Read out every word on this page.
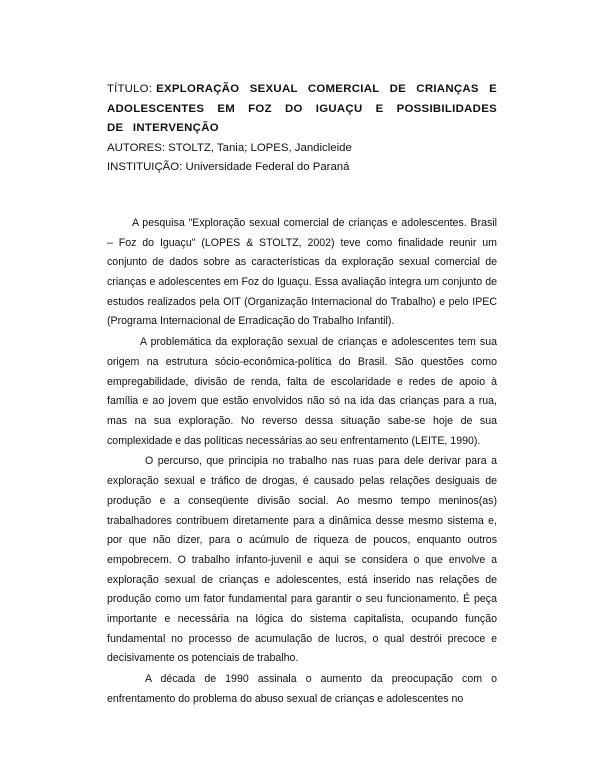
TÍTULO: EXPLORAÇÃO SEXUAL COMERCIAL DE CRIANÇAS E ADOLESCENTES EM FOZ DO IGUAÇU E POSSIBILIDADES DE INTERVENÇÃO
AUTORES: STOLTZ, Tania; LOPES, Jandicleide
INSTITUIÇÃO: Universidade Federal do Paraná

A pesquisa "Exploração sexual comercial de crianças e adolescentes. Brasil – Foz do Iguaçu" (LOPES & STOLTZ, 2002) teve como finalidade reunir um conjunto de dados sobre as características da exploração sexual comercial de crianças e adolescentes em Foz do Iguaçu. Essa avaliação integra um conjunto de estudos realizados pela OIT (Organização Internacional do Trabalho) e pelo IPEC (Programa Internacional de Erradicação do Trabalho Infantil).

A problemática da exploração sexual de crianças e adolescentes tem sua origem na estrutura sócio-econômica-política do Brasil. São questões como empregabilidade, divisão de renda, falta de escolaridade e redes de apoio à família e ao jovem que estão envolvidos não só na ida das crianças para a rua, mas na sua exploração. No reverso dessa situação sabe-se hoje de sua complexidade e das políticas necessárias ao seu enfrentamento (LEITE, 1990).

O percurso, que principia no trabalho nas ruas para dele derivar para a exploração sexual e tráfico de drogas, é causado pelas relações desiguais de produção e a conseqüente divisão social. Ao mesmo tempo meninos(as) trabalhadores contribuem diretamente para a dinâmica desse mesmo sistema e, por que não dizer, para o acúmulo de riqueza de poucos, enquanto outros empobrecem. O trabalho infanto-juvenil e aqui se considera o que envolve a exploração sexual de crianças e adolescentes, está inserido nas relações de produção como um fator fundamental para garantir o seu funcionamento. É peça importante e necessária na lógica do sistema capitalista, ocupando função fundamental no processo de acumulação de lucros, o qual destrói precoce e decisivamente os potenciais de trabalho.

A década de 1990 assinala o aumento da preocupação com o enfrentamento do problema do abuso sexual de crianças e adolescentes no
